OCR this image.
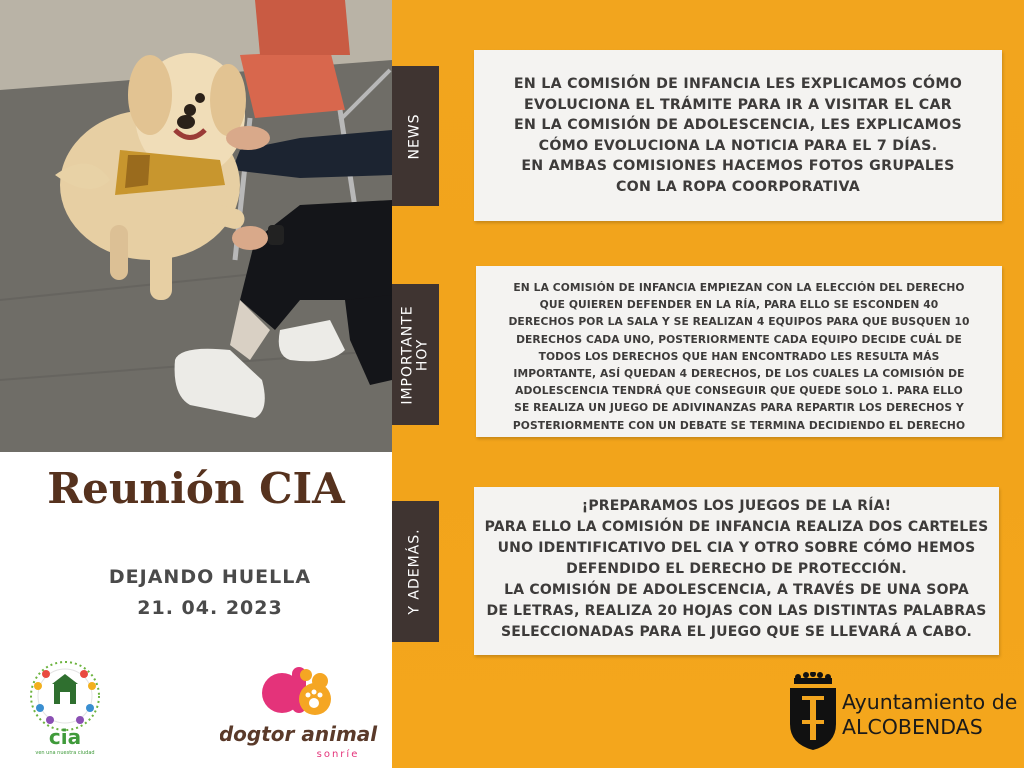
Reunión CIA
DEJANDO HUELLA
21. 04. 2023
cia
ven una nuestra ciudad
dogtor animal
sonríe
NEWS
IMPORTANTE HOY
Y ADEMÁS.

EN LA COMISIÓN DE INFANCIA LES EXPLICAMOS CÓMO

EVOLUCIONA EL TRÁMITE PARA IR A VISITAR EL CAR

EN LA COMISIÓN DE ADOLESCENCIA, LES EXPLICAMOS

CÓMO EVOLUCIONA LA NOTICIA PARA EL 7 DÍAS.

EN AMBAS COMISIONES HACEMOS FOTOS GRUPALES

CON LA ROPA COORPORATIVA

EN LA COMISIÓN DE INFANCIA EMPIEZAN CON LA ELECCIÓN DEL DERECHO

QUE QUIEREN DEFENDER EN LA RÍA, PARA ELLO SE ESCONDEN 40

DERECHOS POR LA SALA Y SE REALIZAN 4 EQUIPOS PARA QUE BUSQUEN 10

DERECHOS CADA UNO, POSTERIORMENTE CADA EQUIPO DECIDE CUÁL DE

TODOS LOS DERECHOS QUE HAN ENCONTRADO LES RESULTA MÁS

IMPORTANTE, ASÍ QUEDAN 4 DERECHOS, DE LOS CUALES LA COMISIÓN DE

ADOLESCENCIA TENDRÁ QUE CONSEGUIR QUE QUEDE SOLO 1. PARA ELLO

SE REALIZA UN JUEGO DE ADIVINANZAS PARA REPARTIR LOS DERECHOS Y

POSTERIORMENTE CON UN DEBATE SE TERMINA DECIDIENDO EL DERECHO

¡PREPARAMOS LOS JUEGOS DE LA RÍA!

PARA ELLO LA COMISIÓN DE INFANCIA REALIZA DOS CARTELES

UNO IDENTIFICATIVO DEL CIA Y OTRO SOBRE CÓMO HEMOS

DEFENDIDO EL DERECHO DE PROTECCIÓN.

LA COMISIÓN DE ADOLESCENCIA, A TRAVÉS DE UNA SOPA

DE LETRAS, REALIZA 20 HOJAS CON LAS DISTINTAS PALABRAS

SELECCIONADAS PARA EL JUEGO QUE SE LLEVARÁ A CABO.

Ayuntamiento de
ALCOBENDAS
